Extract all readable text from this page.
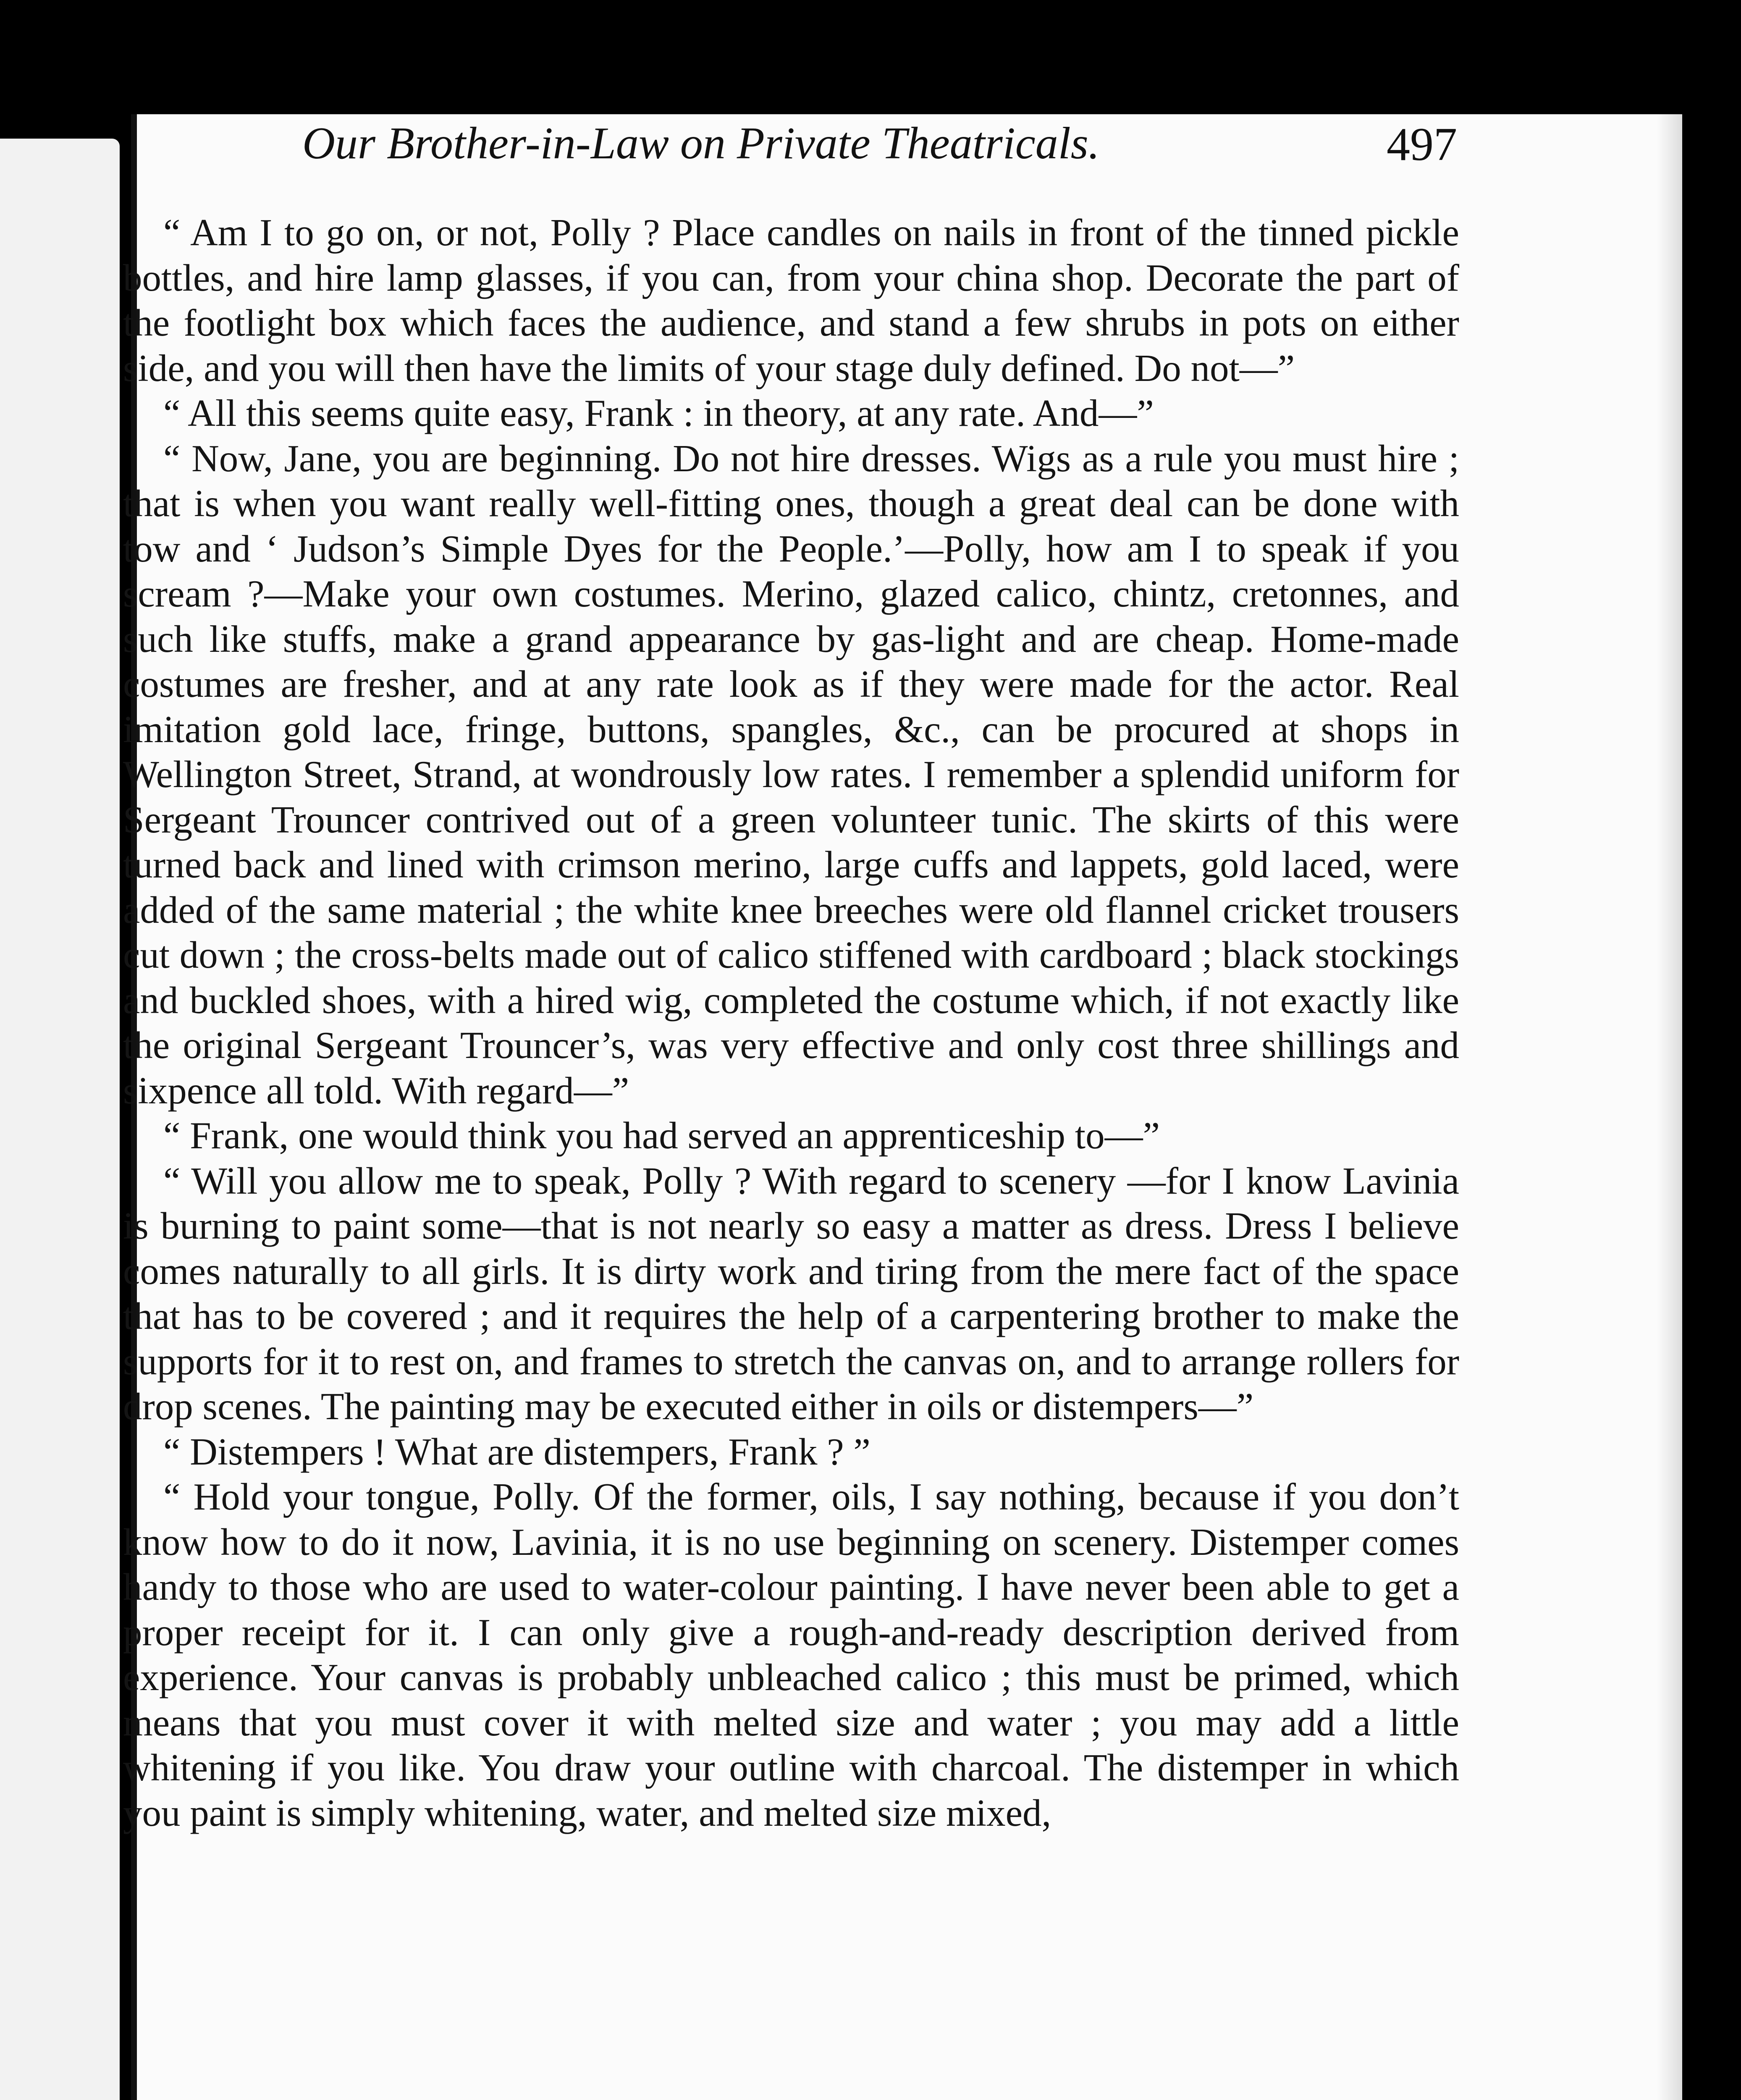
Our Brother-in-Law on Private Theatricals.	497

“ Am I to go on, or not, Polly ? Place candles on nails in front of the tinned pickle bottles, and hire lamp glasses, if you can, from your china shop. Decorate the part of the footlight box which faces the audience, and stand a few shrubs in pots on either side, and you will then have the limits of your stage duly defined. Do not—”

“ All this seems quite easy, Frank : in theory, at any rate. And—”

“ Now, Jane, you are beginning. Do not hire dresses. Wigs as a rule you must hire ; that is when you want really well-fitting ones, though a great deal can be done with tow and ‘ Judson’s Simple Dyes for the People.’—Polly, how am I to speak if you scream ?—Make your own costumes. Merino, glazed calico, chintz, cretonnes, and such like stuffs, make a grand appearance by gas-light and are cheap. Home-made costumes are fresher, and at any rate look as if they were made for the actor. Real imitation gold lace, fringe, buttons, spangles, &c., can be procured at shops in Wellington Street, Strand, at wondrously low rates. I remember a splendid uniform for Sergeant Trouncer contrived out of a green volunteer tunic. The skirts of this were turned back and lined with crimson merino, large cuffs and lappets, gold laced, were added of the same material ; the white knee breeches were old flannel cricket trousers cut down ; the cross-belts made out of calico stiffened with cardboard ; black stockings and buckled shoes, with a hired wig, completed the costume which, if not exactly like the original Sergeant Trouncer’s, was very effective and only cost three shillings and sixpence all told. With regard—”

“ Frank, one would think you had served an apprenticeship to—”

“ Will you allow me to speak, Polly ? With regard to scenery —for I know Lavinia is burning to paint some—that is not nearly so easy a matter as dress. Dress I believe comes naturally to all girls. It is dirty work and tiring from the mere fact of the space that has to be covered ; and it requires the help of a carpentering brother to make the supports for it to rest on, and frames to stretch the canvas on, and to arrange rollers for drop scenes. The painting may be executed either in oils or distempers—”

“ Distempers ! What are distempers, Frank ? ”

“ Hold your tongue, Polly. Of the former, oils, I say nothing, because if you don’t know how to do it now, Lavinia, it is no use beginning on scenery. Distemper comes handy to those who are used to water-colour painting. I have never been able to get a proper receipt for it. I can only give a rough-and-ready description derived from experience. Your canvas is probably unbleached calico ; this must be primed, which means that you must cover it with melted size and water ; you may add a little whitening if you like. You draw your outline with charcoal. The distemper in which you paint is simply whitening, water, and melted size mixed,
